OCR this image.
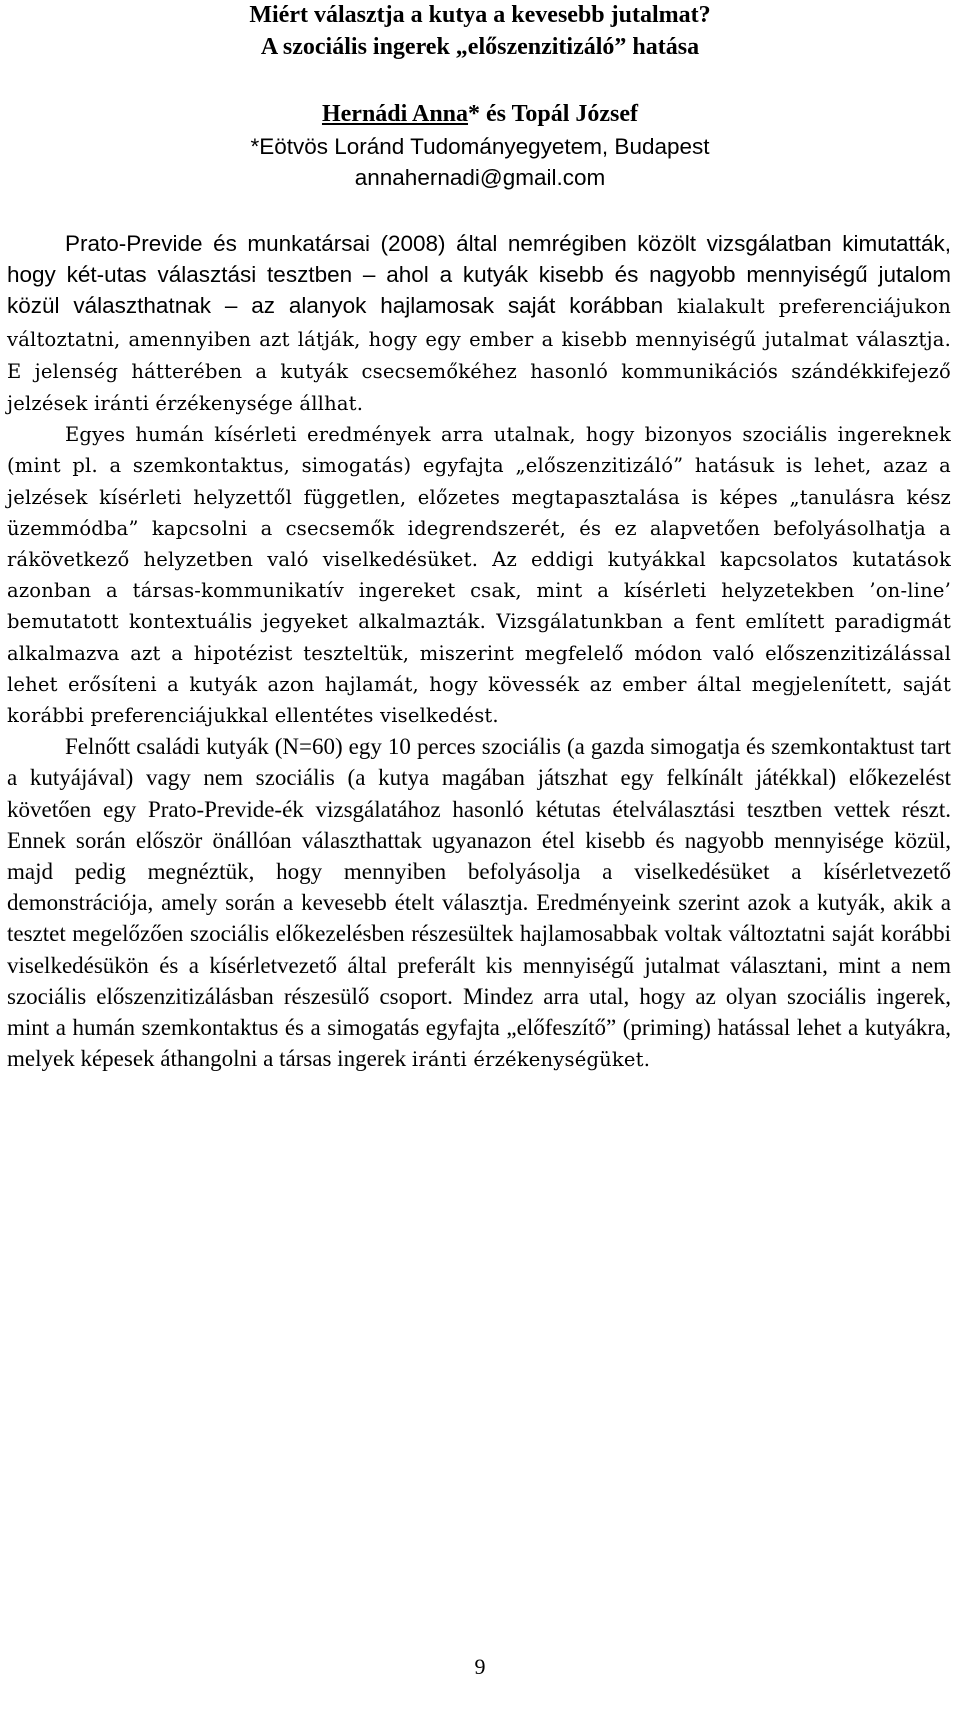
Miért választja a kutya a kevesebb jutalmat?

A szociális ingerek „előszenzitizáló” hatása

Hernádi Anna* és Topál József

*Eötvös Loránd Tudományegyetem, Budapest

annahernadi@gmail.com

Prato-Previde és munkatársai (2008) által nemrégiben közölt vizsgálatban kimutatták, hogy két-utas választási tesztben – ahol a kutyák kisebb és nagyobb mennyiségű jutalom közül választhatnak – az alanyok hajlamosak saját korábban kialakult preferenciájukon változtatni, amennyiben azt látják, hogy egy ember a kisebb mennyiségű jutalmat választja. E jelenség hátterében a kutyák csecsemőkéhez hasonló kommunikációs szándékkifejező jelzések iránti érzékenysége állhat.

Egyes humán kísérleti eredmények arra utalnak, hogy bizonyos szociális ingereknek (mint pl. a szemkontaktus, simogatás) egyfajta „előszenzitizáló” hatásuk is lehet, azaz a jelzések kísérleti helyzettől független, előzetes megtapasztalása is képes „tanulásra kész üzemmódba” kapcsolni a csecsemők idegrendszerét, és ez alapvetően befolyásolhatja a rákövetkező helyzetben való viselkedésüket. Az eddigi kutyákkal kapcsolatos kutatások azonban a társas-kommunikatív ingereket csak, mint a kísérleti helyzetekben ’on-line’ bemutatott kontextuális jegyeket alkalmazták. Vizsgálatunkban a fent említett paradigmát alkalmazva azt a hipotézist teszteltük, miszerint megfelelő módon való előszenzitizálással lehet erősíteni a kutyák azon hajlamát, hogy kövessék az ember által megjelenített, saját korábbi preferenciájukkal ellentétes viselkedést.

Felnőtt családi kutyák (N=60) egy 10 perces szociális (a gazda simogatja és szemkontaktust tart a kutyájával) vagy nem szociális (a kutya magában játszhat egy felkínált játékkal) előkezelést követően egy Prato-Previde-ék vizsgálatához hasonló kétutas ételválasztási tesztben vettek részt. Ennek során először önállóan választhattak ugyanazon étel kisebb és nagyobb mennyisége közül, majd pedig megnéztük, hogy mennyiben befolyásolja a viselkedésüket a kísérletvezető demonstrációja, amely során a kevesebb ételt választja. Eredményeink szerint azok a kutyák, akik a tesztet megelőzően szociális előkezelésben részesültek hajlamosabbak voltak változtatni saját korábbi viselkedésükön és a kísérletvezető által preferált kis mennyiségű jutalmat választani, mint a nem szociális előszenzitizálásban részesülő csoport. Mindez arra utal, hogy az olyan szociális ingerek, mint a humán szemkontaktus és a simogatás egyfajta „előfeszítő” (priming) hatással lehet a kutyákra, melyek képesek áthangolni a társas ingerek iránti érzékenységüket.

9
